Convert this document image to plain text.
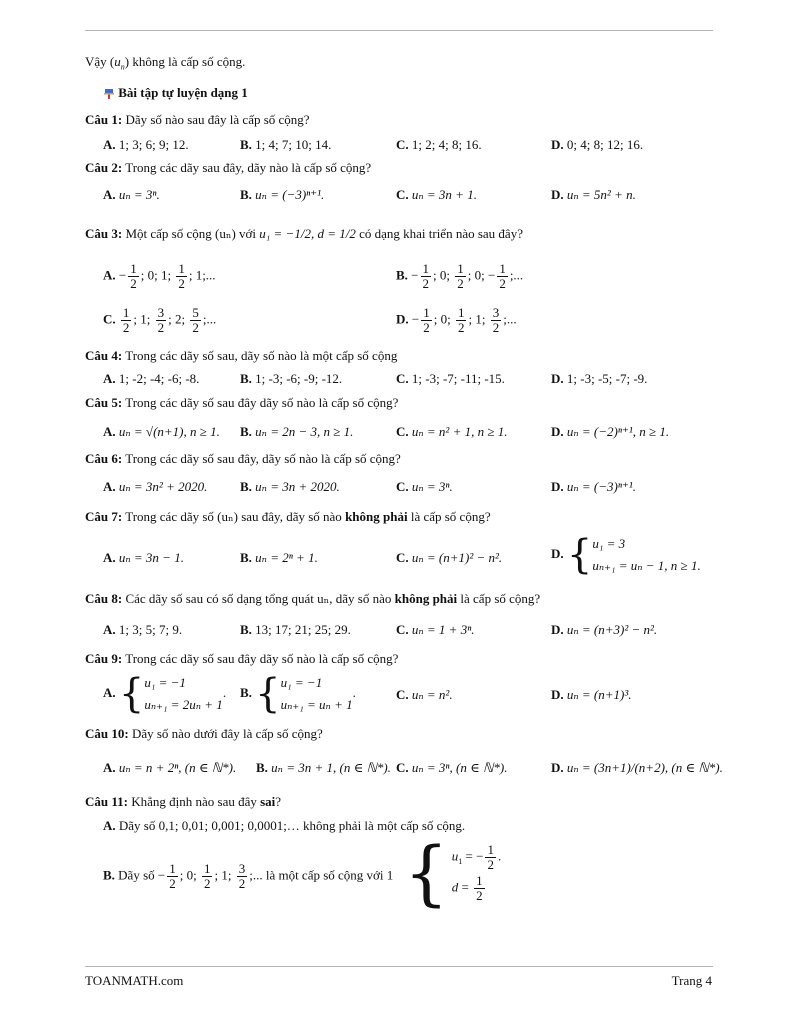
Vậy $(u_n)$ không là cấp số cộng.
Bài tập tự luyện dạng 1
Câu 1: Dãy số nào sau đây là cấp số cộng?
A. 1; 3; 6; 9; 12.	B. 1; 4; 7; 10; 14.	C. 1; 2; 4; 8; 16.	D. 0; 4; 8; 12; 16.
Câu 2: Trong các dãy sau đây, dãy nào là cấp số cộng?
A. uₙ = 3ⁿ.	B. uₙ = (−3)ⁿ⁺¹.	C. uₙ = 3n + 1.	D. uₙ = 5n² + n.
Câu 3: Một cấp số cộng (uₙ) với u₁ = −1/2, d = 1/2 có dạng khai triển nào sau đây?
A. − $\frac{1}{2}$ ; 0; 1; $\frac{1}{2}$ ; 1;...	B. − $\frac{1}{2}$ ; 0; $\frac{1}{2}$ ; 0; − $\frac{1}{2}$ ;...
C. $\frac{1}{2}$ ; 1; $\frac{3}{2}$ ; 2; $\frac{5}{2}$ ;...	D. − $\frac{1}{2}$ ; 0; $\frac{1}{2}$ ; 1; $\frac{3}{2}$ ;...
Câu 4: Trong các dãy số sau, dãy số nào là một cấp số cộng
A. 1; -2; -4; -6; -8.	B. 1; -3; -6; -9; -12.	C. 1; -3; -7; -11; -15.	D. 1; -3; -5; -7; -9.
Câu 5: Trong các dãy số sau đây dãy số nào là cấp số cộng?
A. uₙ = √(n+1), n ≥ 1. B. uₙ = 2n − 3, n ≥ 1.	C. uₙ = n² + 1, n ≥ 1.	D. uₙ = (−2)ⁿ⁺¹, n ≥ 1.
Câu 6: Trong các dãy số sau đây, dãy số nào là cấp số cộng?
A. uₙ = 3n² + 2020.	B. uₙ = 3n + 2020.	C. uₙ = 3ⁿ.	D. uₙ = (−3)ⁿ⁺¹.
Câu 7: Trong các dãy số (uₙ) sau đây, dãy số nào không phải là cấp số cộng?
A. uₙ = 3n − 1.	B. uₙ = 2ⁿ + 1.	C. uₙ = (n+1)² − n².	D. {u₁ = 3
uₙ₊₁ = uₙ − 1, n ≥ 1.
Câu 8: Các dãy số sau có số dạng tổng quát uₙ, dãy số nào không phải là cấp số cộng?
A. 1; 3; 5; 7; 9.	B. 13; 17; 21; 25; 29.	C. uₙ = 1 + 3ⁿ.	D. uₙ = (n+3)² − n².
Câu 9: Trong các dãy số sau đây dãy số nào là cấp số cộng?
A. {u₁ = −1
uₙ₊₁ = 2uₙ + 1. B. {u₁ = −1
uₙ₊₁ = uₙ + 1.	C. uₙ = n².	D. uₙ = (n+1)³.
Câu 10: Dãy số nào dưới đây là cấp số cộng?
A. uₙ = n + 2ⁿ, (n ∈ ℕ*). B. uₙ = 3n + 1, (n ∈ ℕ*). C. uₙ = 3ⁿ, (n ∈ ℕ*).	D. uₙ = (3n+1)/(n+2), (n ∈ ℕ*).
Câu 11: Khẳng định nào sau đây sai?
A. Dãy số 0,1; 0,01; 0,001; 0,0001;… không phải là một cấp số cộng.
B. Dãy số − $\frac{1}{2}$ ; 0; $\frac{1}{2}$ ; 1; $\frac{3}{2}$ ;... là một cấp số cộng với 1 { $u_1$ = − $\frac{1}{2}$ .
$d = \frac{1}{2}$
TOANMATH.com	Trang 4
